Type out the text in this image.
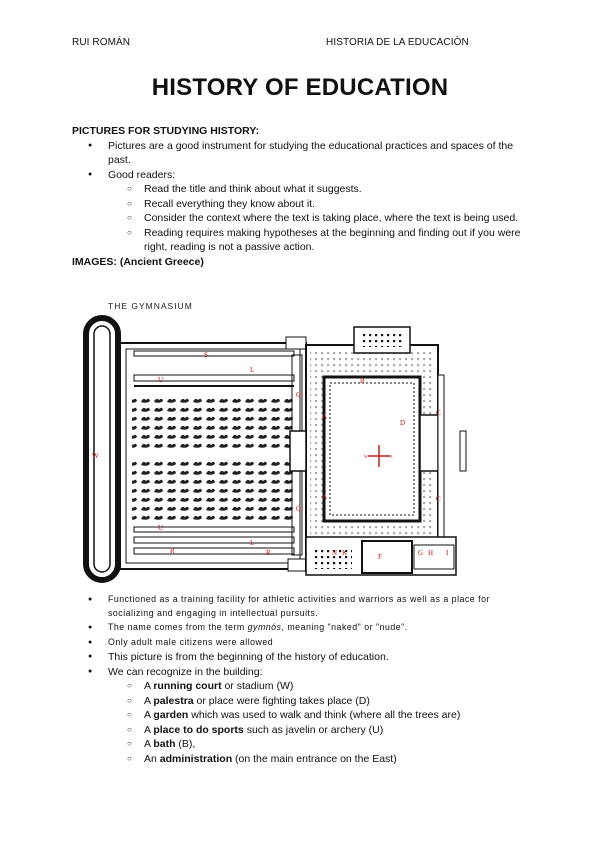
RUI ROMÁN	HISTORIA DE LA EDUCACIÒN
HISTORY OF EDUCATION
PICTURES FOR STUDYING HISTORY:
● Pictures are a good instrument for studying the educational practices and spaces of the past.
● Good readers:
○ Read the title and think about what it suggests.
○ Recall everything they know about it.
○ Consider the context where the text is taking place, where the text is being used.
○ Reading requires making hypotheses at the beginning and finding out if you were right, reading is not a passive action.
IMAGES: (Ancient Greece)
THE GYMNASIUM
S
L
U
W
U
L
R	R
Q
Q
A
A
D
C
C
B
F	G H I
K
N
W	E
● Functioned as a training facility for athletic activities and warriors as well as a place for socializing and engaging in intellectual pursuits.
● The name comes from the term gymnós, meaning "naked" or "nude".
● Only adult male citizens were allowed
● This picture is from the beginning of the history of education.
● We can recognize in the building:
○ A running court or stadium (W)
○ A palestra or place were fighting takes place (D)
○ A garden which was used to walk and think (where all the trees are)
○ A place to do sports such as javelin or archery (U)
○ A bath (B),
○ An administration (on the main entrance on the East)
